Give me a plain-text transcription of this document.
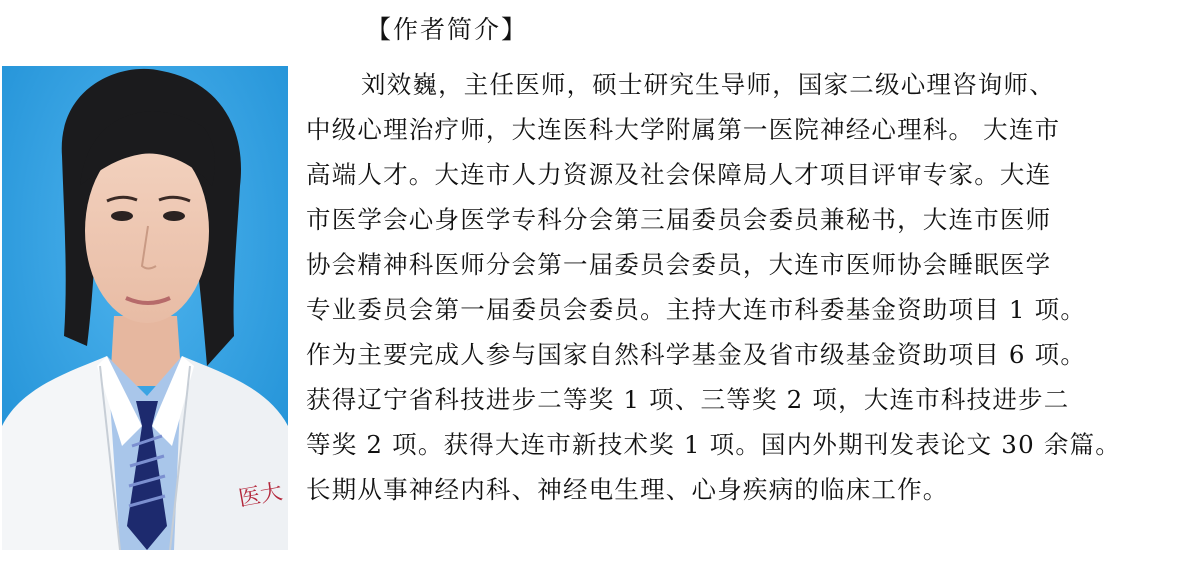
【作者简介】
医大
刘效巍，主任医师，硕士研究生导师，国家二级心理咨询师、
中级心理治疗师，大连医科大学附属第一医院神经心理科。 大连市
高端人才。大连市人力资源及社会保障局人才项目评审专家。大连
市医学会心身医学专科分会第三届委员会委员兼秘书，大连市医师
协会精神科医师分会第一届委员会委员，大连市医师协会睡眠医学
专业委员会第一届委员会委员。主持大连市科委基金资助项目 1 项。
作为主要完成人参与国家自然科学基金及省市级基金资助项目 6 项。
获得辽宁省科技进步二等奖 1 项、三等奖 2 项，大连市科技进步二
等奖 2 项。获得大连市新技术奖 1 项。国内外期刊发表论文 30 余篇。
长期从事神经内科、神经电生理、心身疾病的临床工作。
